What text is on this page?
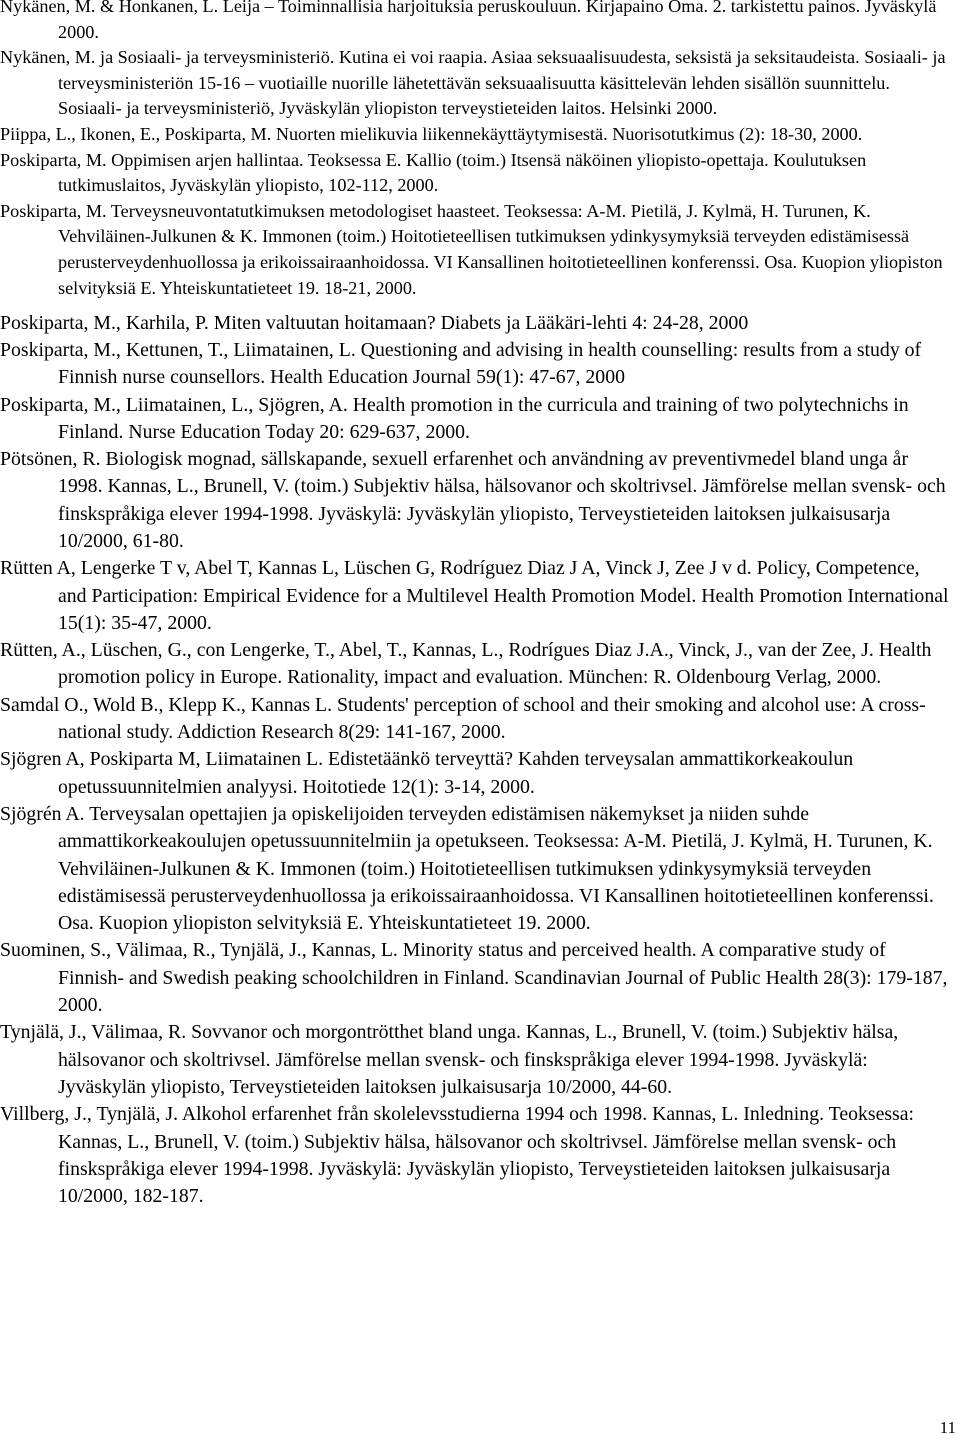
Nykänen, M. & Honkanen, L. Leija – Toiminnallisia harjoituksia peruskouluun. Kirjapaino Oma. 2. tarkistettu painos. Jyväskylä 2000.
Nykänen, M. ja Sosiaali- ja terveysministeriö. Kutina ei voi raapia. Asiaa seksuaalisuudesta, seksistä ja seksitaudeista. Sosiaali- ja terveysministeriön 15-16 – vuotiaille nuorille lähetettävän seksuaalisuutta käsittelevän lehden sisällön suunnittelu. Sosiaali- ja terveysministeriö, Jyväskylän yliopiston terveystieteiden laitos. Helsinki 2000.
Piippa, L., Ikonen, E., Poskiparta, M. Nuorten mielikuvia liikennekäyttäytymisestä. Nuorisotutkimus (2): 18-30, 2000.
Poskiparta, M. Oppimisen arjen hallintaa. Teoksessa E. Kallio (toim.) Itsensä näköinen yliopisto-opettaja. Koulutuksen tutkimuslaitos, Jyväskylän yliopisto, 102-112, 2000.
Poskiparta, M. Terveysneuvontatutkimuksen metodologiset haasteet. Teoksessa: A-M. Pietilä, J. Kylmä, H. Turunen, K. Vehviläinen-Julkunen & K. Immonen (toim.) Hoitotieteellisen tutkimuksen ydinkysymyksiä terveyden edistämisessä perusterveydenhuollossa ja erikoissairaanhoidossa. VI Kansallinen hoitotieteellinen konferenssi. Osa. Kuopion yliopiston selvityksiä E. Yhteiskuntatieteet 19. 18-21, 2000.
Poskiparta, M., Karhila, P. Miten valtuutan hoitamaan? Diabets ja Lääkäri-lehti 4: 24-28, 2000
Poskiparta, M., Kettunen, T., Liimatainen, L. Questioning and advising in health counselling: results from a study of Finnish nurse counsellors. Health Education Journal 59(1): 47-67, 2000
Poskiparta, M., Liimatainen, L., Sjögren, A. Health promotion in the curricula and training of two polytechnichs in Finland. Nurse Education Today 20: 629-637, 2000.
Pötsönen, R. Biologisk mognad, sällskapande, sexuell erfarenhet och användning av preventivmedel bland unga år 1998. Kannas, L., Brunell, V. (toim.) Subjektiv hälsa, hälsovanor och skoltrivsel. Jämförelse mellan svensk- och finskspråkiga elever 1994-1998. Jyväskylä: Jyväskylän yliopisto, Terveystieteiden laitoksen julkaisusarja 10/2000, 61-80.
Rütten A, Lengerke T v, Abel T, Kannas L, Lüschen G, Rodríguez Diaz J A, Vinck J, Zee J v d. Policy, Competence, and Participation: Empirical Evidence for a Multilevel Health Promotion Model. Health Promotion International 15(1): 35-47, 2000.
Rütten, A., Lüschen, G., con Lengerke, T., Abel, T., Kannas, L., Rodrígues Diaz J.A., Vinck, J., van der Zee, J. Health promotion policy in Europe. Rationality, impact and evaluation. München: R. Oldenbourg Verlag, 2000.
Samdal O., Wold B., Klepp K., Kannas L. Students' perception of school and their smoking and alcohol use: A cross-national study. Addiction Research 8(29: 141-167, 2000.
Sjögren A, Poskiparta M, Liimatainen L. Edistetäänkö terveyttä? Kahden terveysalan ammattikorkeakoulun opetussuunnitelmien analyysi. Hoitotiede 12(1): 3-14, 2000.
Sjögrén A. Terveysalan opettajien ja opiskelijoiden terveyden edistämisen näkemykset ja niiden suhde ammattikorkeakoulujen opetussuunnitelmiin ja opetukseen. Teoksessa: A-M. Pietilä, J. Kylmä, H. Turunen, K. Vehviläinen-Julkunen & K. Immonen (toim.) Hoitotieteellisen tutkimuksen ydinkysymyksiä terveyden edistämisessä perusterveydenhuollossa ja erikoissairaanhoidossa. VI Kansallinen hoitotieteellinen konferenssi. Osa. Kuopion yliopiston selvityksiä E. Yhteiskuntatieteet 19. 2000.
Suominen, S., Välimaa, R., Tynjälä, J., Kannas, L. Minority status and perceived health. A comparative study of Finnish- and Swedish peaking schoolchildren in Finland. Scandinavian Journal of Public Health 28(3): 179-187, 2000.
Tynjälä, J., Välimaa, R. Sovvanor och morgontrötthet bland unga. Kannas, L., Brunell, V. (toim.) Subjektiv hälsa, hälsovanor och skoltrivsel. Jämförelse mellan svensk- och finskspråkiga elever 1994-1998. Jyväskylä: Jyväskylän yliopisto, Terveystieteiden laitoksen julkaisusarja 10/2000, 44-60.
Villberg, J., Tynjälä, J. Alkohol erfarenhet från skolelevsstudierna 1994 och 1998. Kannas, L. Inledning. Teoksessa: Kannas, L., Brunell, V. (toim.) Subjektiv hälsa, hälsovanor och skoltrivsel. Jämförelse mellan svensk- och finskspråkiga elever 1994-1998. Jyväskylä: Jyväskylän yliopisto, Terveystieteiden laitoksen julkaisusarja 10/2000, 182-187.
11
